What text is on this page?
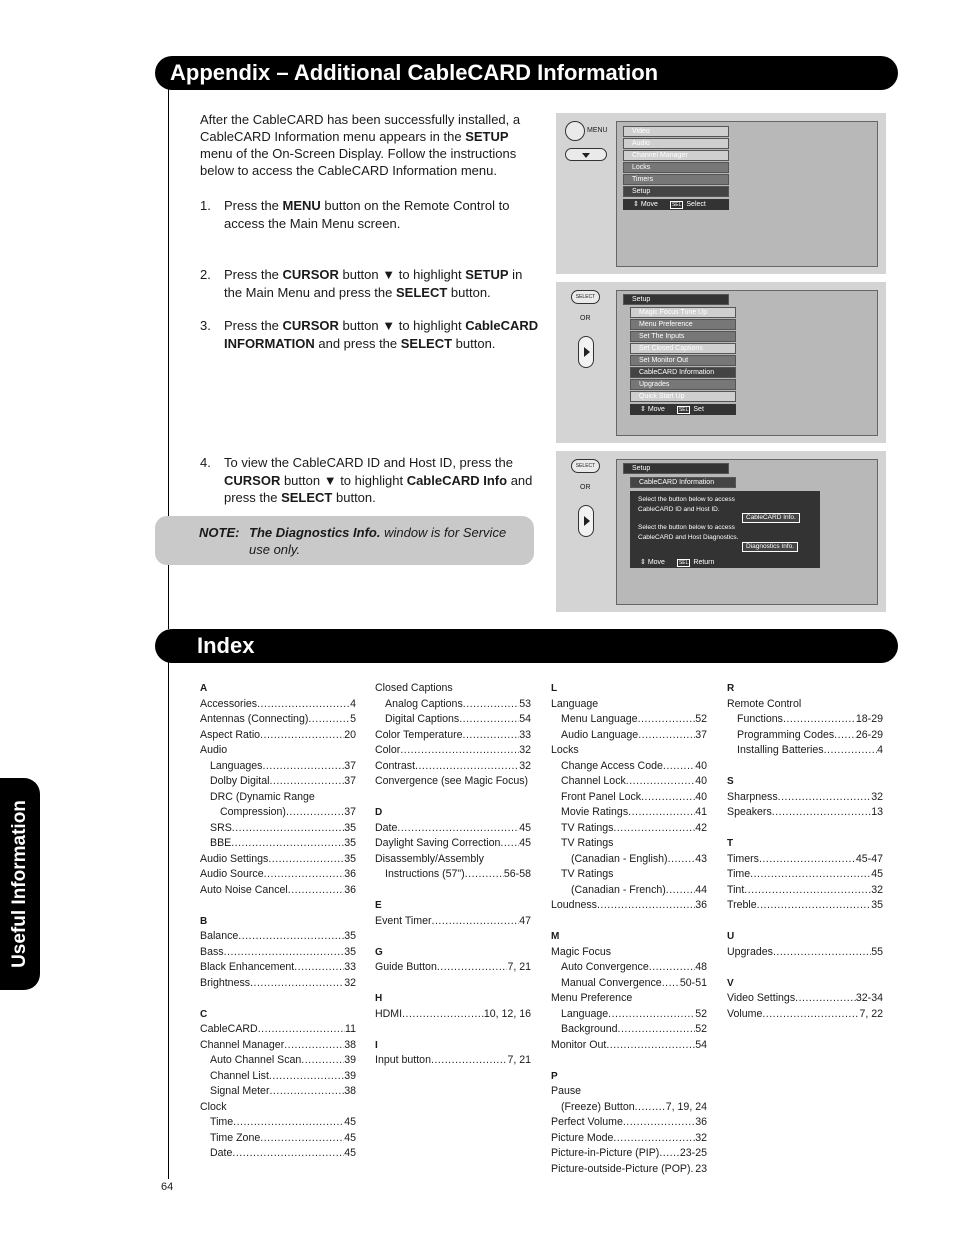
Appendix – Additional CableCARD Information
Index
Useful Information
64

After the CableCARD has been successfully installed, a CableCARD Information menu appears in the SETUP menu of the On-Screen Display. Follow the instructions below to access the CableCARD Information menu.

1. Press the MENU button on the Remote Control to access the Main Menu screen.
2. Press the CURSOR button ▼ to highlight SETUP in the Main Menu and press the SELECT button.
3. Press the CURSOR button ▼ to highlight CableCARD INFORMATION and press the SELECT button.
4. To view the CableCARD ID and Host ID, press the CURSOR button ▼ to highlight CableCARD Info and press the SELECT button.
NOTE: The Diagnostics Info. window is for Service use only.
MENU	Video
Audio
Channel Manager
Locks
Timers
Setup
⇕ Move	SEL Select
SELECT
OR
Setup
Magic Focus Tune Up
Menu Preference
Set The Inputs
Set Closed Captions
Set Monitor Out
CableCARD Information
Upgrades
Quick Start Up
⇕ Move	SEL Set
SELECT
OR
Setup
CableCARD Information
Select the button below to access
CableCARD ID and Host ID.
CableCARD Info.
Select the button below to access
CableCARD and Host Diagnostics.
Diagnostics Info.
⇕ Move	SEL Return
A
Accessories .....	4
Antennas (Connecting) .....	5
Aspect Ratio .....	20
Audio
Languages .....	37
Dolby Digital .....	37
DRC (Dynamic Range
Compression) .....	37
SRS .....	35
BBE .....	35
Audio Settings .....	35
Audio Source .....	36
Auto Noise Cancel .....	36
B
Balance .....	35
Bass .....	35
Black Enhancement .....	33
Brightness .....	32
C
CableCARD .....	11
Channel Manager .....	38
Auto Channel Scan .....	39
Channel List .....	39
Signal Meter .....	38
Clock
Time .....	45
Time Zone .....	45
Date .....	45
Closed Captions
Analog Captions .....	53
Digital Captions .....	54
Color Temperature .....	33
Color .....	32
Contrast .....	32
Convergence (see Magic Focus)
D
Date .....	45
Daylight Saving Correction ..... 45
Disassembly/Assembly
Instructions (57") .....	56-58
E
Event Timer .....	47
G
Guide Button .....	7, 21
H
HDMI .....	10, 12, 16
I
Input button .....	7, 21
L
Language
Menu Language .....	52
Audio Language .....	37
Locks
Change Access Code .....	40
Channel Lock .....	40
Front Panel Lock .....	40
Movie Ratings .....	41
TV Ratings .....	42
TV Ratings
(Canadian - English) .....	43
TV Ratings
(Canadian - French) .....	44
Loudness .....	36
M
Magic Focus
Auto Convergence .....	48
Manual Convergence ..... 50-51
Menu Preference
Language .....	52
Background .....	52
Monitor Out .....	54
P
Pause
(Freeze) Button .....	7, 19, 24
Perfect Volume .....	36
Picture Mode .....	32
Picture-in-Picture (PIP) ..... 23-25
Picture-outside-Picture (POP) ..... 23
R
Remote Control
Functions .....	18-29
Programming Codes ..... 26-29
Installing Batteries .....	4
S
Sharpness .....	32
Speakers .....	13
T
Timers .....	45-47
Time .....	45
Tint .....	32
Treble .....	35
U
Upgrades .....	55
V
Video Settings .....	32-34
Volume .....	7, 22
